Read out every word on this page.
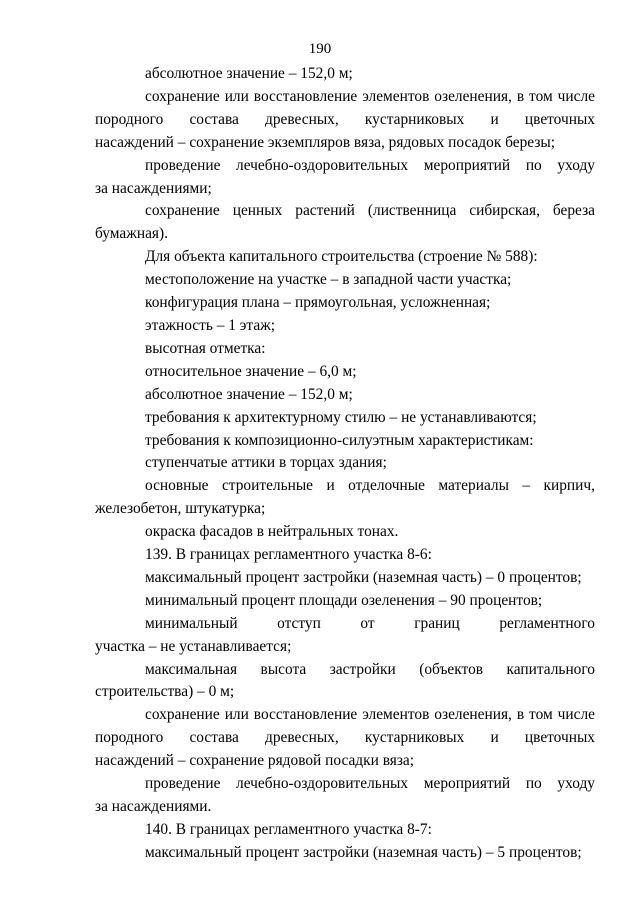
190

абсолютное значение – 152,0 м;

сохранение или восстановление элементов озеленения, в том числе

породного состава древесных, кустарниковых и цветочных

насаждений – сохранение экземпляров вяза, рядовых посадок березы;

проведение лечебно-оздоровительных мероприятий по уходу

за насаждениями;

сохранение ценных растений (лиственница сибирская, береза

бумажная).

Для объекта капитального строительства (строение № 588):

местоположение на участке – в западной части участка;

конфигурация плана – прямоугольная, усложненная;

этажность – 1 этаж;

высотная отметка:

относительное значение – 6,0 м;

абсолютное значение – 152,0 м;

требования к архитектурному стилю – не устанавливаются;

требования к композиционно-силуэтным характеристикам:

ступенчатые аттики в торцах здания;

основные строительные и отделочные материалы – кирпич,

железобетон, штукатурка;

окраска фасадов в нейтральных тонах.

139. В границах регламентного участка 8-6:

максимальный процент застройки (наземная часть) – 0 процентов;

минимальный процент площади озеленения – 90 процентов;

минимальный отступ от границ регламентного

участка – не устанавливается;

максимальная высота застройки (объектов капитального

строительства) – 0 м;

сохранение или восстановление элементов озеленения, в том числе

породного состава древесных, кустарниковых и цветочных

насаждений – сохранение рядовой посадки вяза;

проведение лечебно-оздоровительных мероприятий по уходу

за насаждениями.

140. В границах регламентного участка 8-7:

максимальный процент застройки (наземная часть) – 5 процентов;
